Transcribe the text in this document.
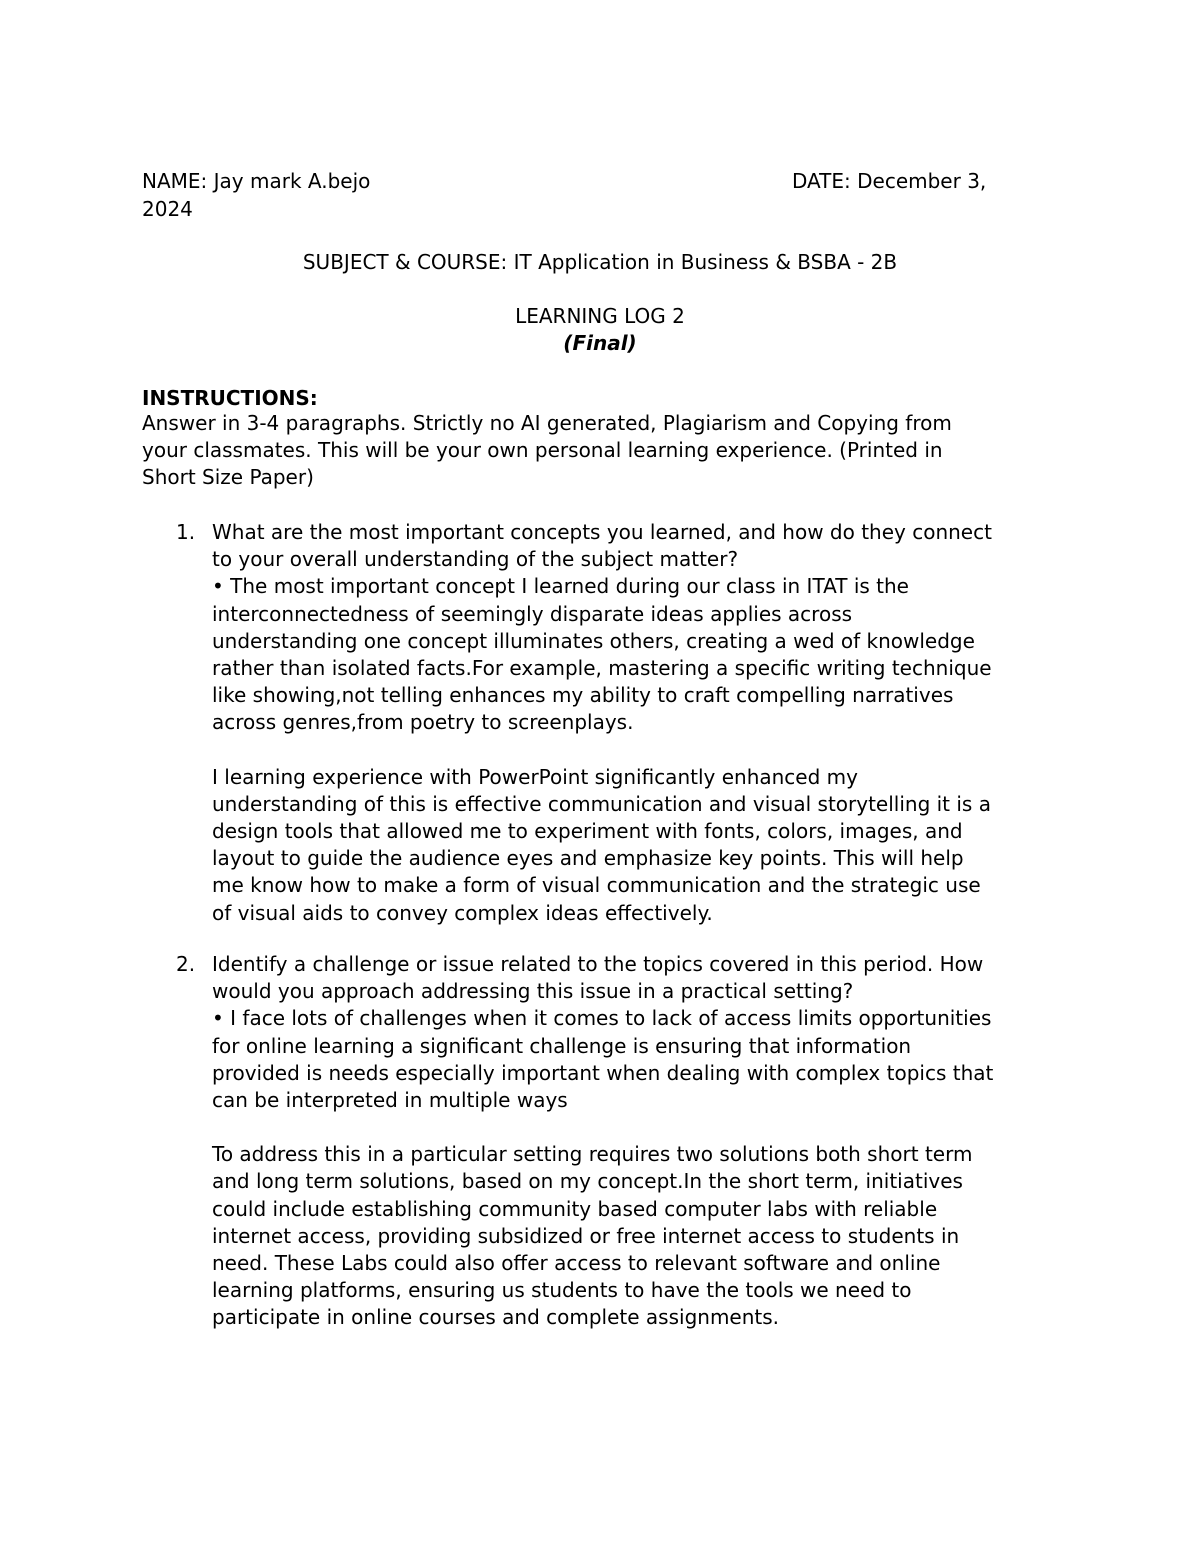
NAME: Jay mark A.bejo	DATE: December 3,
2024
SUBJECT & COURSE: IT Application in Business & BSBA - 2B
LEARNING LOG 2
(Final)
INSTRUCTIONS:
Answer in 3-4 paragraphs. Strictly no AI generated, Plagiarism and Copying from
your classmates. This will be your own personal learning experience. (Printed in
Short Size Paper)
1. What are the most important concepts you learned, and how do they connect
to your overall understanding of the subject matter?
• The most important concept I learned during our class in ITAT is the
interconnectedness of seemingly disparate ideas applies across
understanding one concept illuminates others, creating a wed of knowledge
rather than isolated facts.For example, mastering a specific writing technique
like showing,not telling enhances my ability to craft compelling narratives
across genres,from poetry to screenplays.
I learning experience with PowerPoint significantly enhanced my
understanding of this is effective communication and visual storytelling it is a
design tools that allowed me to experiment with fonts, colors, images, and
layout to guide the audience eyes and emphasize key points. This will help
me know how to make a form of visual communication and the strategic use
of visual aids to convey complex ideas effectively.
2. Identify a challenge or issue related to the topics covered in this period. How
would you approach addressing this issue in a practical setting?
• I face lots of challenges when it comes to lack of access limits opportunities
for online learning a significant challenge is ensuring that information
provided is needs especially important when dealing with complex topics that
can be interpreted in multiple ways
To address this in a particular setting requires two solutions both short term
and long term solutions, based on my concept.In the short term, initiatives
could include establishing community based computer labs with reliable
internet access, providing subsidized or free internet access to students in
need. These Labs could also offer access to relevant software and online
learning platforms, ensuring us students to have the tools we need to
participate in online courses and complete assignments.
